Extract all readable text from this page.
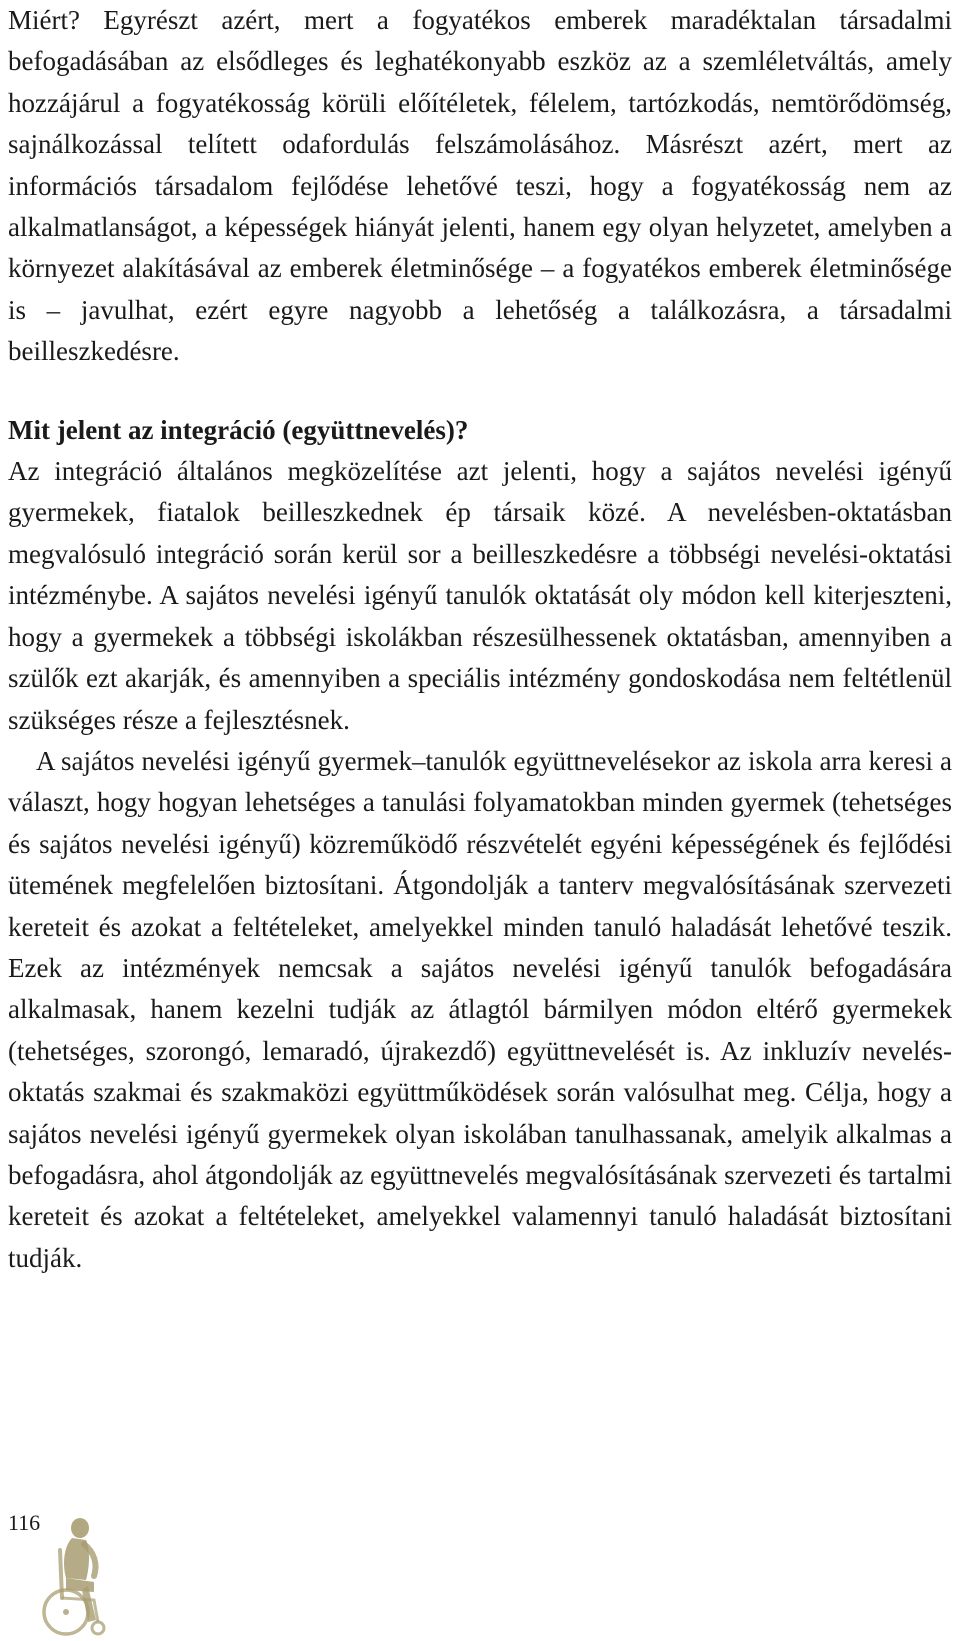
Miért? Egyrészt azért, mert a fogyatékos emberek maradéktalan társadalmi befogadásában az elsődleges és leghatékonyabb eszköz az a szemléletváltás, amely hozzájárul a fogyatékosság körüli előítéletek, félelem, tartózkodás, nemtörődömség, sajnálkozással telített odafordulás felszámolásához. Másrészt azért, mert az információs társadalom fejlődése lehetővé teszi, hogy a fogyatékosság nem az alkalmatlanságot, a képességek hiányát jelenti, hanem egy olyan helyzetet, amelyben a környezet alakításával az emberek életminősége – a fogyatékos emberek életminősége is – javulhat, ezért egyre nagyobb a lehetőség a találkozásra, a társadalmi beilleszkedésre.

Mit jelent az integráció (együttnevelés)?

Az integráció általános megközelítése azt jelenti, hogy a sajátos nevelési igényű gyermekek, fiatalok beilleszkednek ép társaik közé. A nevelésben-oktatásban megvalósuló integráció során kerül sor a beilleszkedésre a többségi nevelési-oktatási intézménybe. A sajátos nevelési igényű tanulók oktatását oly módon kell kiterjeszteni, hogy a gyermekek a többségi iskolákban részesülhessenek oktatásban, amennyiben a szülők ezt akarják, és amennyiben a speciális intézmény gondoskodása nem feltétlenül szükséges része a fejlesztésnek.

A sajátos nevelési igényű gyermek–tanulók együttnevelésekor az iskola arra keresi a választ, hogy hogyan lehetséges a tanulási folyamatokban minden gyermek (tehetséges és sajátos nevelési igényű) közreműködő részvételét egyéni képességének és fejlődési ütemének megfelelően biztosítani. Átgondolják a tanterv megvalósításának szervezeti kereteit és azokat a feltételeket, amelyekkel minden tanuló haladását lehetővé teszik. Ezek az intézmények nemcsak a sajátos nevelési igényű tanulók befogadására alkalmasak, hanem kezelni tudják az átlagtól bármilyen módon eltérő gyermekek (tehetséges, szorongó, lemaradó, újrakezdő) együttnevelését is. Az inkluzív nevelés-oktatás szakmai és szakmaközi együttműködések során valósulhat meg. Célja, hogy a sajátos nevelési igényű gyermekek olyan iskolában tanulhassanak, amelyik alkalmas a befogadásra, ahol átgondolják az együttnevelés megvalósításának szervezeti és tartalmi kereteit és azokat a feltételeket, amelyekkel valamennyi tanuló haladását biztosítani tudják.

116
